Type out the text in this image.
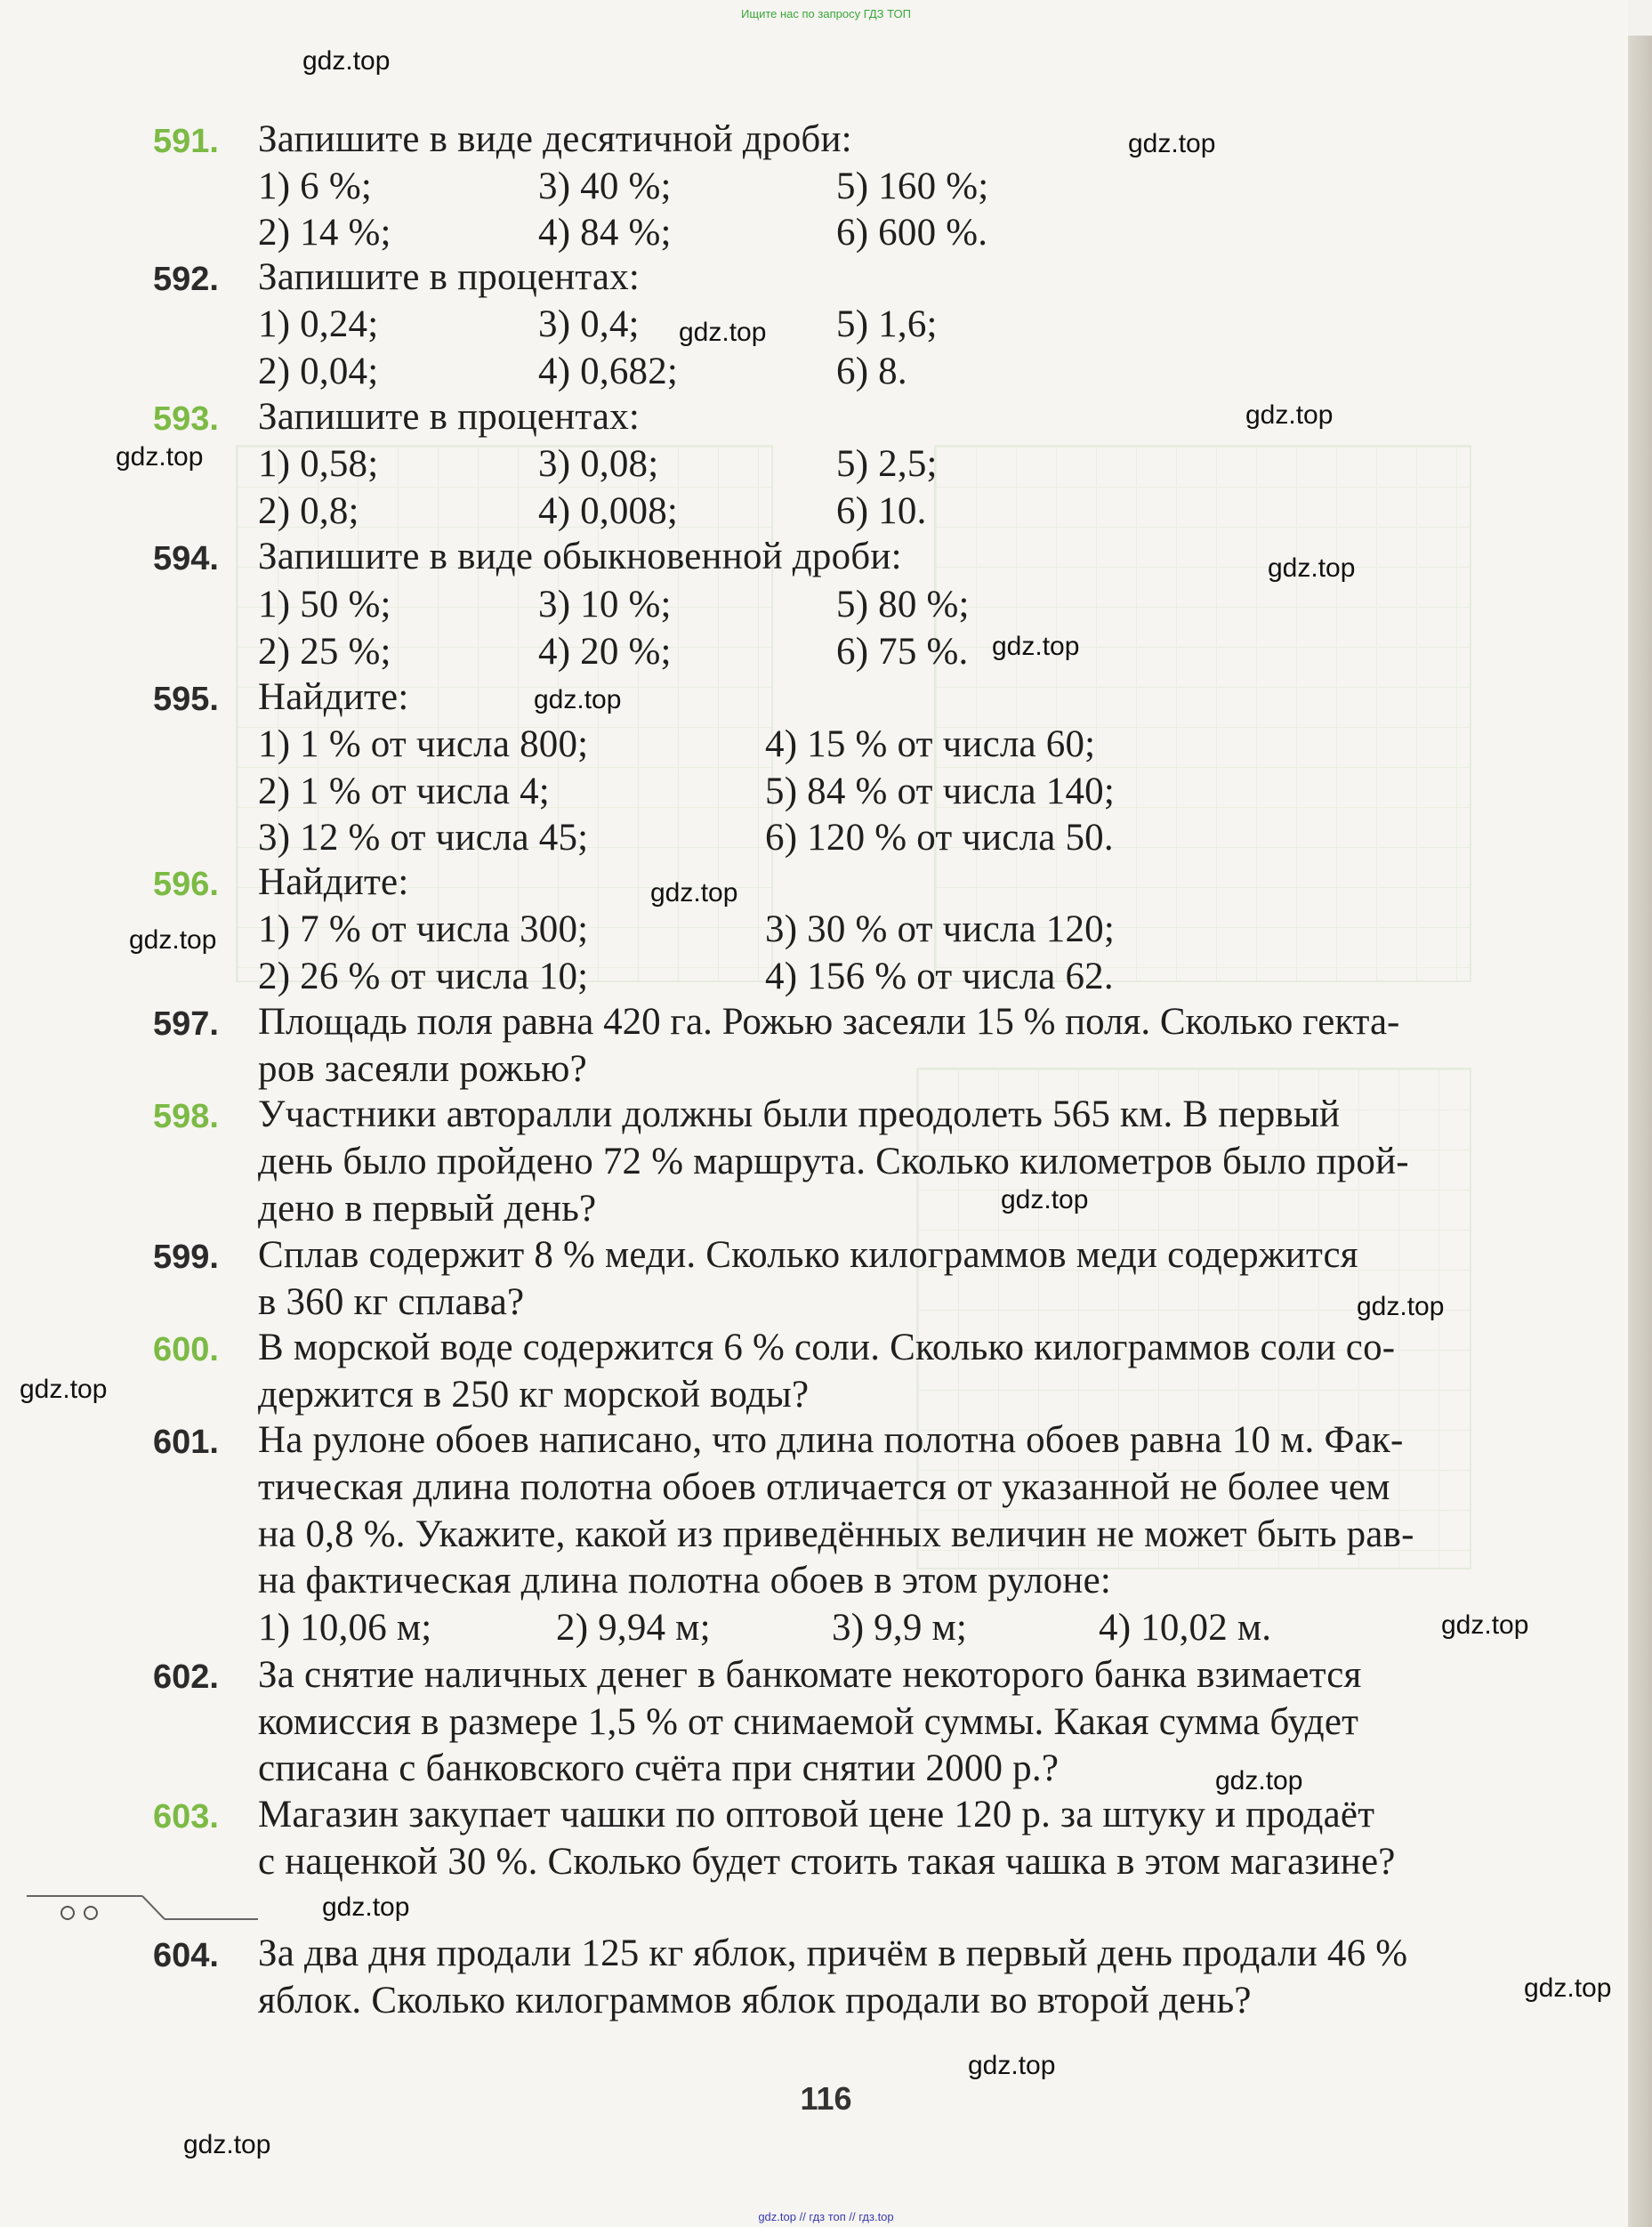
Ищите нас по запросу ГДЗ ТОП
591.	Запишите в виде десятичной дроби:
1) 6 %;	3) 40 %;	5) 160 %;
2) 14 %;	4) 84 %;	6) 600 %.
592.	Запишите в процентах:
1) 0,24;	3) 0,4;	5) 1,6;
2) 0,04;	4) 0,682;	6) 8.
593.	Запишите в процентах:
1) 0,58;	3) 0,08;	5) 2,5;
2) 0,8;	4) 0,008;	6) 10.
594.	Запишите в виде обыкновенной дроби:
1) 50 %;	3) 10 %;	5) 80 %;
2) 25 %;	4) 20 %;	6) 75 %.
595.	Найдите:
1) 1 % от числа 800;	4) 15 % от числа 60;
2) 1 % от числа 4;	5) 84 % от числа 140;
3) 12 % от числа 45;	6) 120 % от числа 50.
596.	Найдите:
1) 7 % от числа 300;	3) 30 % от числа 120;
2) 26 % от числа 10;	4) 156 % от числа 62.
597.	Площадь поля равна 420 га. Рожью засеяли 15 % поля. Сколько гекта-
ров засеяли рожью?
598.	Участники авторалли должны были преодолеть 565 км. В первый
день было пройдено 72 % маршрута. Сколько километров было прой-
дено в первый день?
599.	Сплав содержит 8 % меди. Сколько килограммов меди содержится
в 360 кг сплава?
600.	В морской воде содержится 6 % соли. Сколько килограммов соли со-
держится в 250 кг морской воды?
601.	На рулоне обоев написано, что длина полотна обоев равна 10 м. Фак-
тическая длина полотна обоев отличается от указанной не более чем
на 0,8 %. Укажите, какой из приведённых величин не может быть рав-
на фактическая длина полотна обоев в этом рулоне:
1) 10,06 м;	2) 9,94 м;	3) 9,9 м;	4) 10,02 м.
602.	За снятие наличных денег в банкомате некоторого банка взимается
комиссия в размере 1,5 % от снимаемой суммы. Какая сумма будет
списана с банковского счёта при снятии 2000 р.?
603.	Магазин закупает чашки по оптовой цене 120 р. за штуку и продаёт
с наценкой 30 %. Сколько будет стоить такая чашка в этом магазине?
604.	За два дня продали 125 кг яблок, причём в первый день продали 46 %
яблок. Сколько килограммов яблок продали во второй день?
116
gdz.top
gdz.top
gdz.top
gdz.top
gdz.top
gdz.top
gdz.top
gdz.top
gdz.top
gdz.top
gdz.top
gdz.top
gdz.top
gdz.top
gdz.top
gdz.top
gdz.top
gdz.top
gdz.top
gdz.top // гдз топ // гдз.top
